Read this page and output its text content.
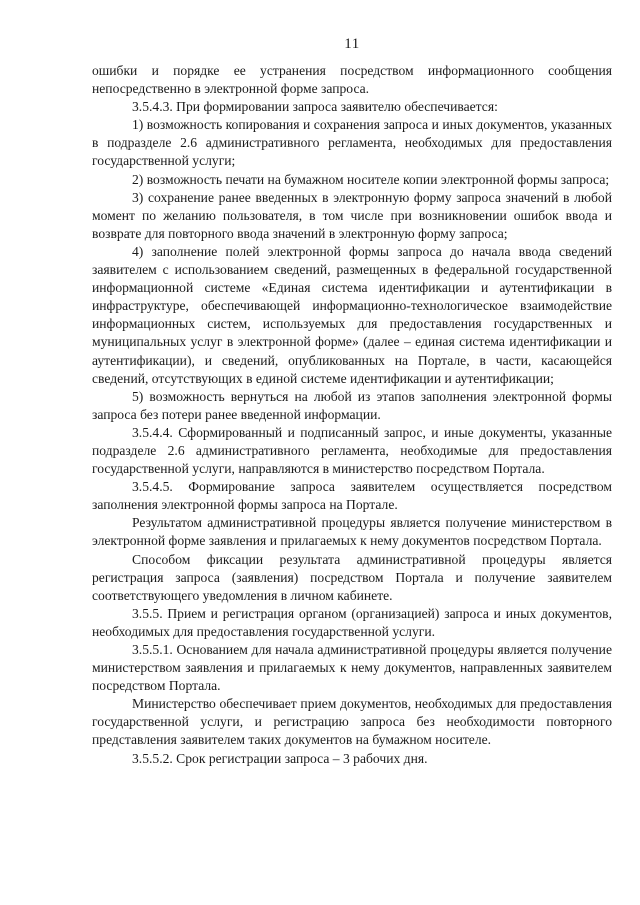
11

ошибки и порядке ее устранения посредством информационного сообщения непосредственно в электронной форме запроса.

3.5.4.3. При формировании запроса заявителю обеспечивается:

1) возможность копирования и сохранения запроса и иных документов, указанных в подразделе 2.6 административного регламента, необходимых для предоставления государственной услуги;

2) возможность печати на бумажном носителе копии электронной формы запроса;

3) сохранение ранее введенных в электронную форму запроса значений в любой момент по желанию пользователя, в том числе при возникновении ошибок ввода и возврате для повторного ввода значений в электронную форму запроса;

4) заполнение полей электронной формы запроса до начала ввода сведений заявителем с использованием сведений, размещенных в федеральной государственной информационной системе «Единая система идентификации и аутентификации в инфраструктуре, обеспечивающей информационно-технологическое взаимодействие информационных систем, используемых для предоставления государственных и муниципальных услуг в электронной форме» (далее – единая система идентификации и аутентификации), и сведений, опубликованных на Портале, в части, касающейся сведений, отсутствующих в единой системе идентификации и аутентификации;

5) возможность вернуться на любой из этапов заполнения электронной формы запроса без потери ранее введенной информации.

3.5.4.4. Сформированный и подписанный запрос, и иные документы, указанные подразделе 2.6 административного регламента, необходимые для предоставления государственной услуги, направляются в министерство посредством Портала.

3.5.4.5. Формирование запроса заявителем осуществляется посредством заполнения электронной формы запроса на Портале.

Результатом административной процедуры является получение министерством в электронной форме заявления и прилагаемых к нему документов посредством Портала.

Способом фиксации результата административной процедуры является регистрация запроса (заявления) посредством Портала и получение заявителем соответствующего уведомления в личном кабинете.

3.5.5. Прием и регистрация органом (организацией) запроса и иных документов, необходимых для предоставления государственной услуги.

3.5.5.1. Основанием для начала административной процедуры является получение министерством заявления и прилагаемых к нему документов, направленных заявителем посредством Портала.

Министерство обеспечивает прием документов, необходимых для предоставления государственной услуги, и регистрацию запроса без необходимости повторного представления заявителем таких документов на бумажном носителе.

3.5.5.2. Срок регистрации запроса – 3 рабочих дня.
